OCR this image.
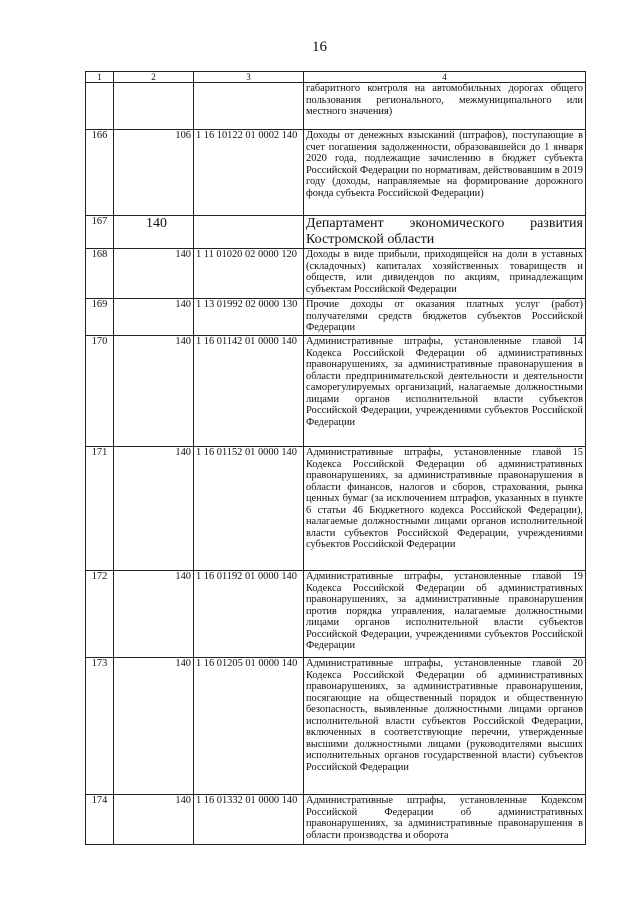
16
1	2	3	4
			габаритного контроля на автомобильных дорогах общего пользования регионального, межмуниципального или местного значения)
166	106	1 16 10122 01 0002 140	Доходы от денежных взысканий (штрафов), поступающие в счет погашения задолженности, образовавшейся до 1 января 2020 года, подлежащие зачислению в бюджет субъекта Российской Федерации по нормативам, действовавшим в 2019 году (доходы, направляемые на формирование дорожного фонда субъекта Российской Федерации)
167	140		Департамент экономического развития Костромской области
168	140	1 11 01020 02 0000 120	Доходы в виде прибыли, приходящейся на доли в уставных (складочных) капиталах хозяйственных товариществ и обществ, или дивидендов по акциям, принадлежащим субъектам Российской Федерации
169	140	1 13 01992 02 0000 130	Прочие доходы от оказания платных услуг (работ) получателями средств бюджетов субъектов Российской Федерации
170	140	1 16 01142 01 0000 140	Административные штрафы, установленные главой 14 Кодекса Российской Федерации об административных правонарушениях, за административные правонарушения в области предпринимательской деятельности и деятельности саморегулируемых организаций, налагаемые должностными лицами органов исполнительной власти субъектов Российской Федерации, учреждениями субъектов Российской Федерации
171	140	1 16 01152 01 0000 140	Административные штрафы, установленные главой 15 Кодекса Российской Федерации об административных правонарушениях, за административные правонарушения в области финансов, налогов и сборов, страхования, рынка ценных бумаг (за исключением штрафов, указанных в пункте 6 статьи 46 Бюджетного кодекса Российской Федерации), налагаемые должностными лицами органов исполнительной власти субъектов Российской Федерации, учреждениями субъектов Российской Федерации
172	140	1 16 01192 01 0000 140	Административные штрафы, установленные главой 19 Кодекса Российской Федерации об административных правонарушениях, за административные правонарушения против порядка управления, налагаемые должностными лицами органов исполнительной власти субъектов Российской Федерации, учреждениями субъектов Российской Федерации
173	140	1 16 01205 01 0000 140	Административные штрафы, установленные главой 20 Кодекса Российской Федерации об административных правонарушениях, за административные правонарушения, посягающие на общественный порядок и общественную безопасность, выявленные должностными лицами органов исполнительной власти субъектов Российской Федерации, включенных в соответствующие перечни, утвержденные высшими должностными лицами (руководителями высших исполнительных органов государственной власти) субъектов Российской Федерации
174	140	1 16 01332 01 0000 140	Административные штрафы, установленные Кодексом Российской Федерации об административных правонарушениях, за административные правонарушения в области производства и оборота
